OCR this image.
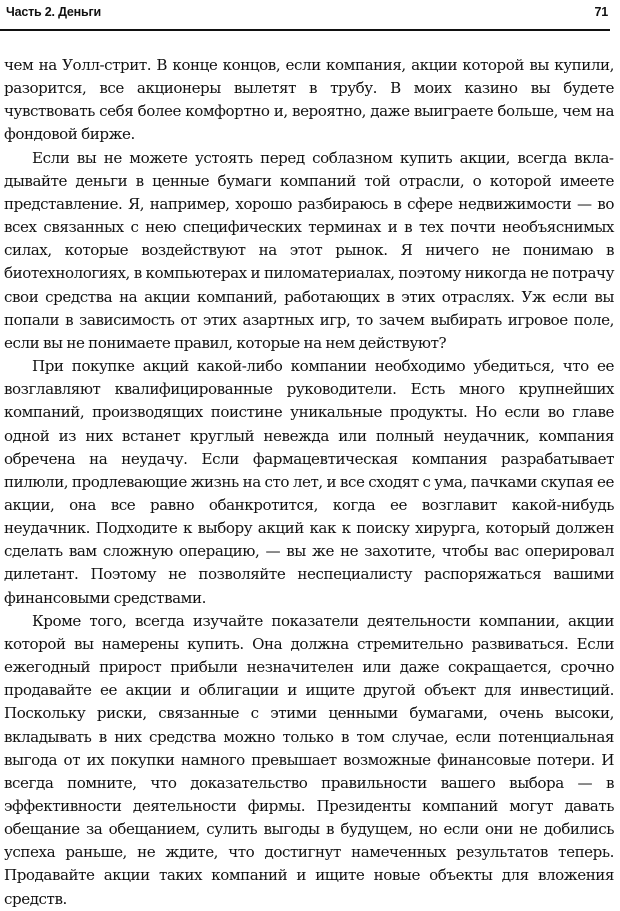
Часть 2. Деньги	71

чем на Уолл-стрит. В конце концов, если компания, акции которой вы купили, разорится, все акционеры вылетят в трубу. В моих казино вы будете чувствовать себя более комфортно и, вероятно, даже выиграете больше, чем на фондовой бирже.

Если вы не можете устоять перед соблазном купить акции, всегда вкладывайте деньги в ценные бумаги компаний той отрасли, о которой имеете представление. Я, например, хорошо разбираюсь в сфере недвижимости — во всех связанных с нею специфических терминах и в тех почти необъяснимых силах, которые воздействуют на этот рынок. Я ничего не понимаю в биотехнологиях, в компьютерах и пиломатериалах, поэтому никогда не потрачу свои средства на акции компаний, работающих в этих отраслях. Уж если вы попали в зависимость от этих азартных игр, то зачем выбирать игровое поле, если вы не понимаете правил, которые на нем действуют?

При покупке акций какой-либо компании необходимо убедиться, что ее возглавляют квалифицированные руководители. Есть много крупнейших компаний, производящих поистине уникальные продукты. Но если во главе одной из них встанет круглый невежда или полный неудачник, компания обречена на неудачу. Если фармацевтическая компания разрабатывает пилюли, продлевающие жизнь на сто лет, и все сходят с ума, пачками скупая ее акции, она все равно обанкротится, когда ее возглавит какой-нибудь неудачник. Подходите к выбору акций как к поиску хирурга, который должен сделать вам сложную операцию, — вы же не захотите, чтобы вас оперировал дилетант. Поэтому не позволяйте неспециалисту распоряжаться вашими финансовыми средствами.

Кроме того, всегда изучайте показатели деятельности компании, акции которой вы намерены купить. Она должна стремительно развиваться. Если ежегодный прирост прибыли незначителен или даже сокращается, срочно продавайте ее акции и облигации и ищите другой объект для инвестиций. Поскольку риски, связанные с этими ценными бумагами, очень высоки, вкладывать в них средства можно только в том случае, если потенциальная выгода от их покупки намного превышает возможные финансовые потери. И всегда помните, что доказательство правильности вашего выбора — в эффективности деятельности фирмы. Президенты компаний могут давать обещание за обещанием, сулить выгоды в будущем, но если они не добились успеха раньше, не ждите, что достигнут намеченных результатов теперь. Продавайте акции таких компаний и ищите новые объекты для вложения средств.
